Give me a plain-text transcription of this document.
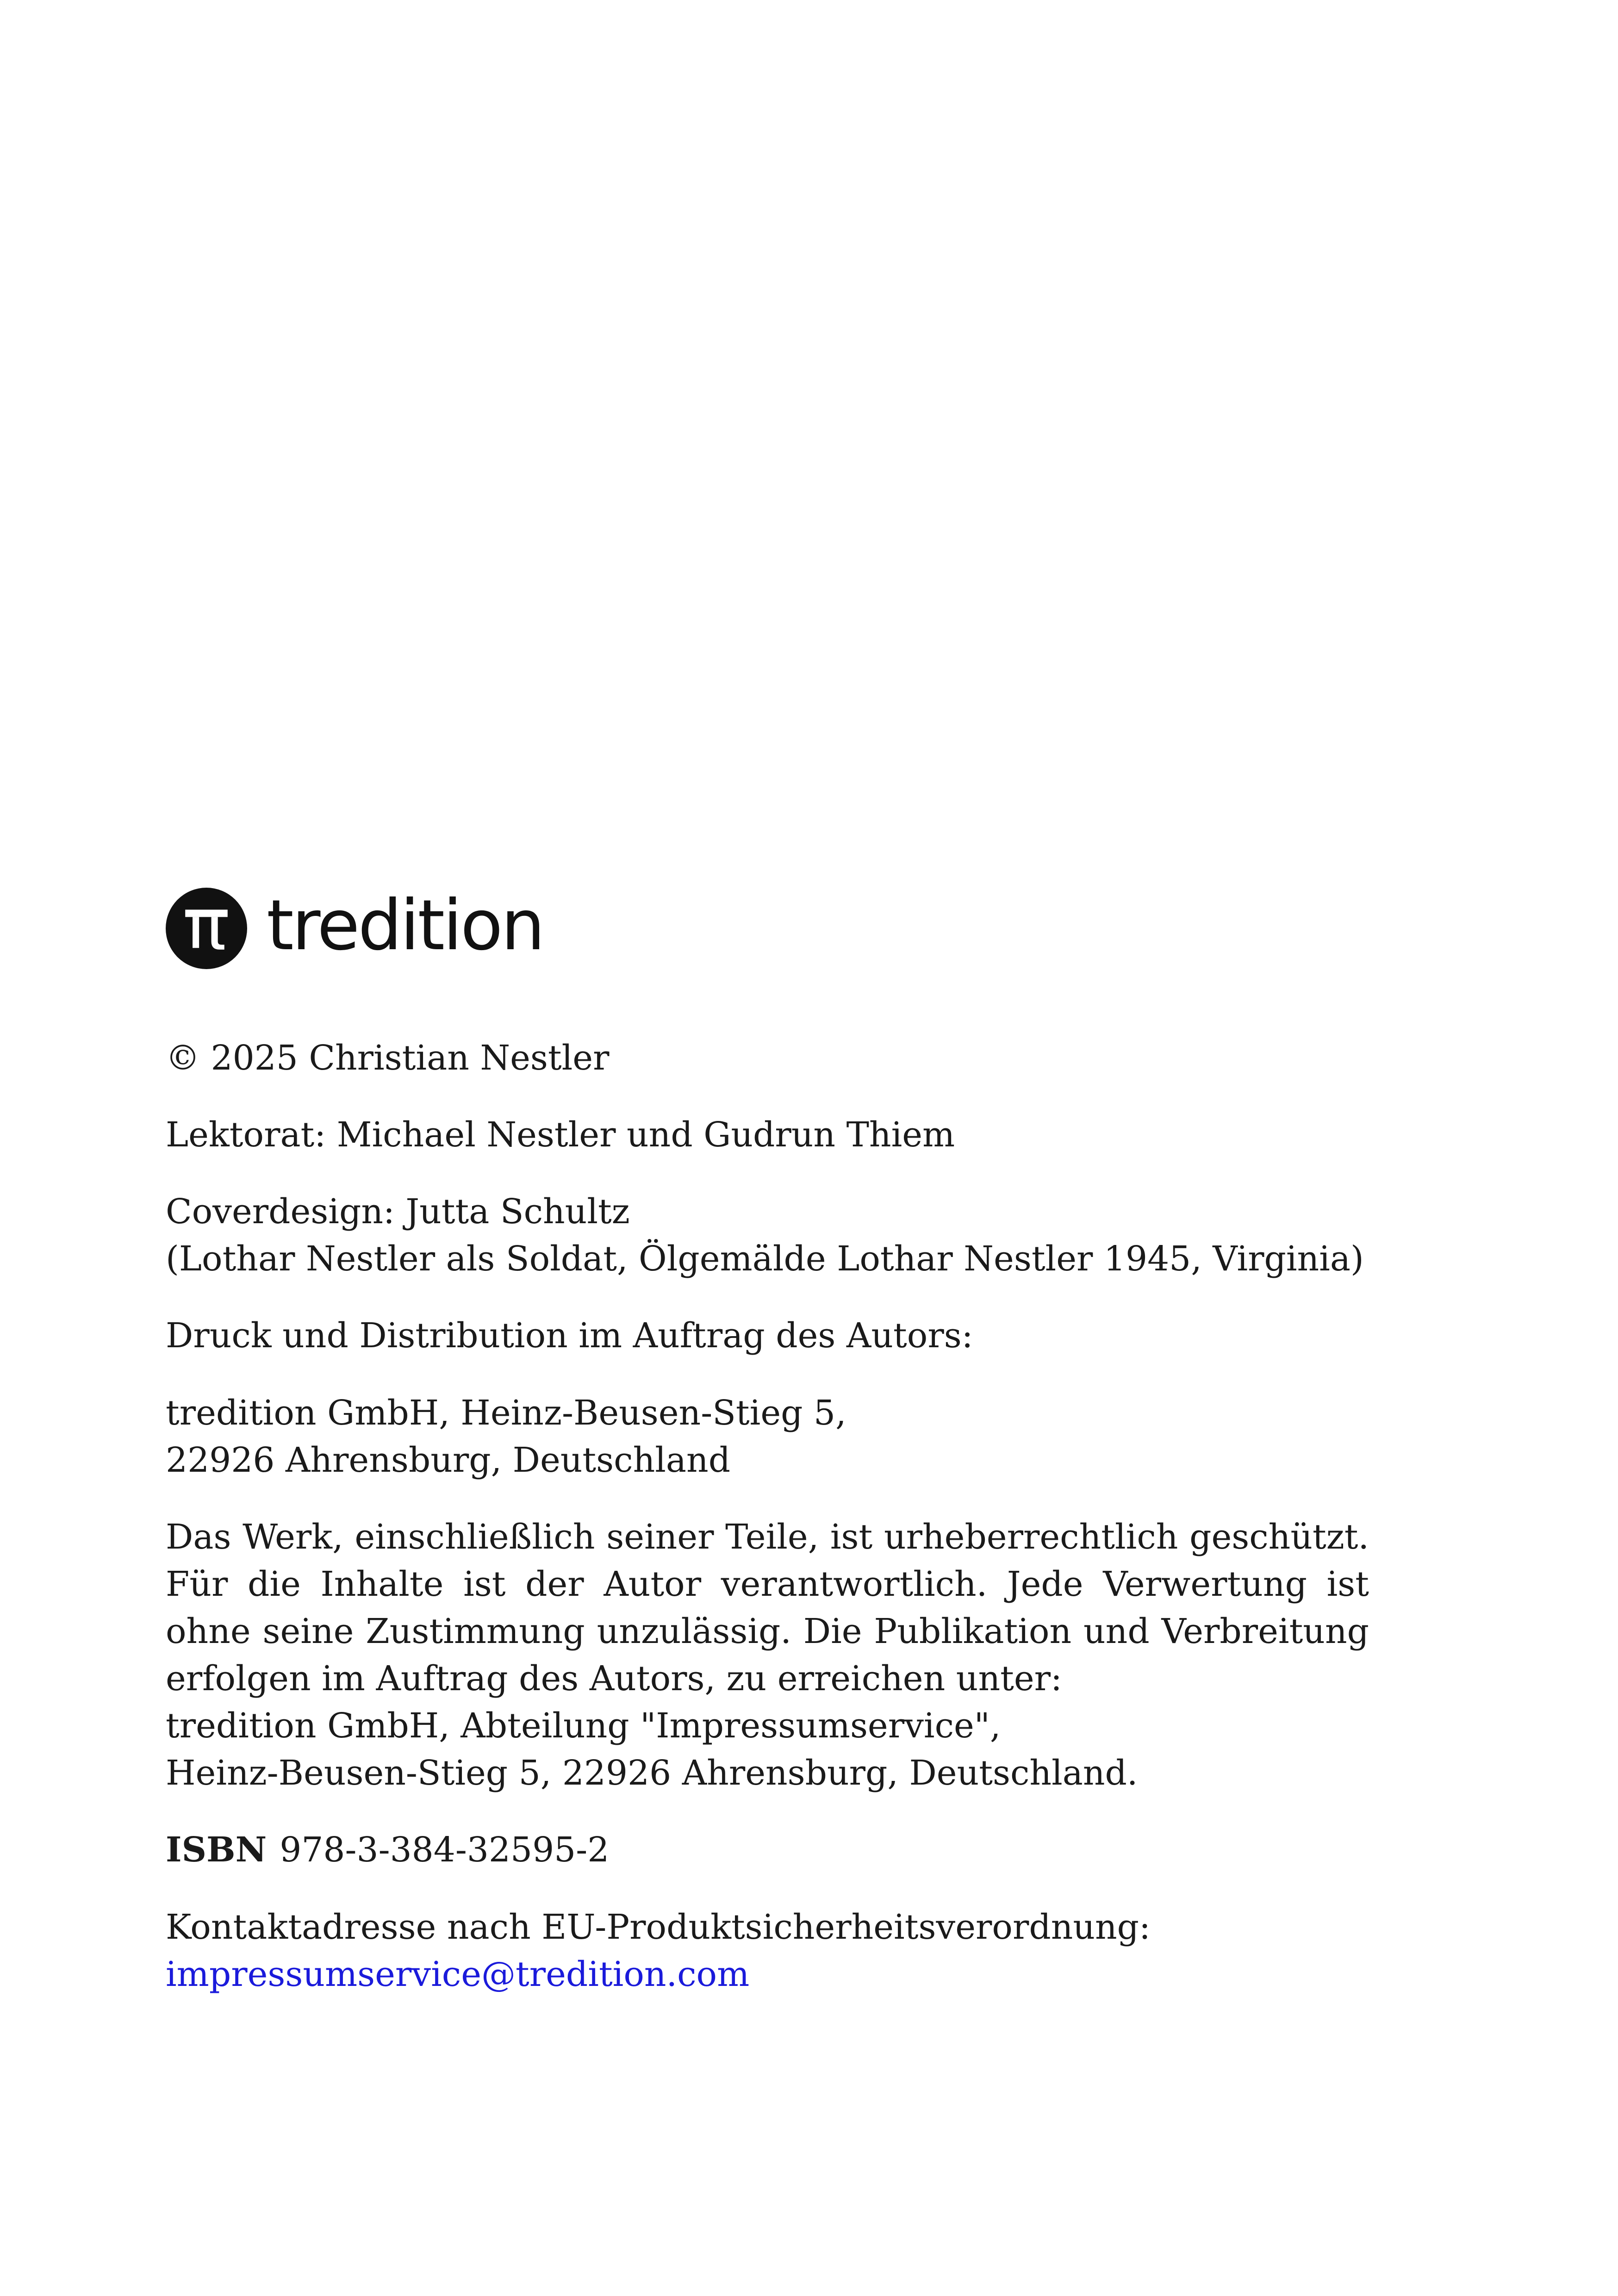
tredition

© 2025 Christian Nestler

Lektorat: Michael Nestler und Gudrun Thiem

Coverdesign: Jutta Schultz

(Lothar Nestler als Soldat, Ölgemälde Lothar Nestler 1945, Virginia)

Druck und Distribution im Auftrag des Autors:

tredition GmbH, Heinz-Beusen-Stieg 5,

22926 Ahrensburg, Deutschland

Das Werk, einschließlich seiner Teile, ist urheberrechtlich geschützt.

Für die Inhalte ist der Autor verantwortlich. Jede Verwertung ist

ohne seine Zustimmung unzulässig. Die Publikation und Verbreitung

erfolgen im Auftrag des Autors, zu erreichen unter:

tredition GmbH, Abteilung "Impressumservice",

Heinz-Beusen-Stieg 5, 22926 Ahrensburg, Deutschland.

ISBN 978-3-384-32595-2

Kontaktadresse nach EU-Produktsicherheitsverordnung:

impressumservice@tredition.com
